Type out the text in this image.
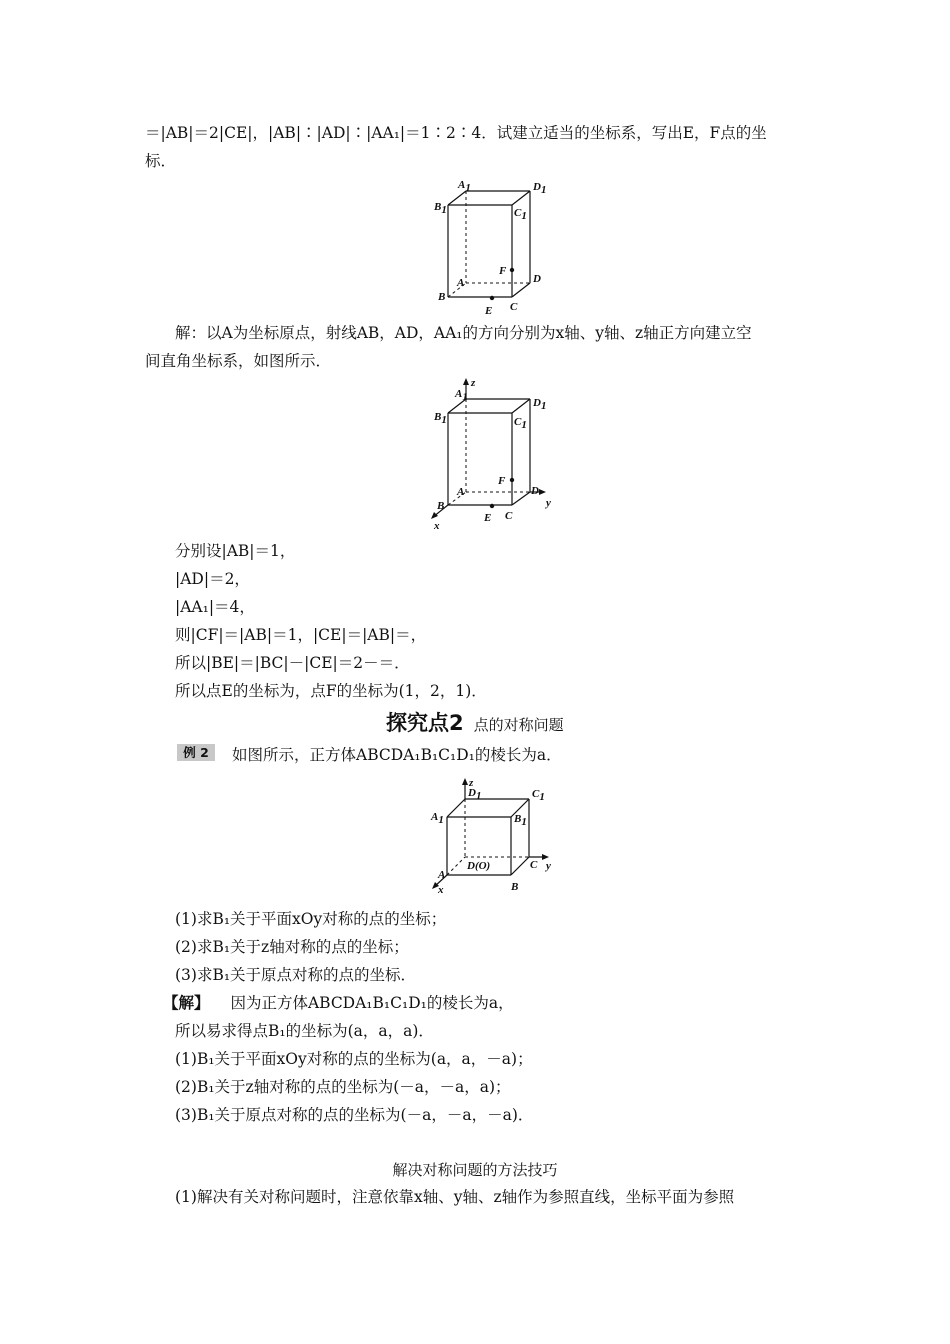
＝|AB|＝2|CE|，|AB|∶|AD|∶|AA₁|＝1∶2∶4．试建立适当的坐标系，写出E，F点的坐
标．
A1	D1
B1	C1
F
D
A
B
C
E
解：以A为坐标原点，射线AB，AD，AA₁的方向分别为x轴、y轴、z轴正方向建立空
间直角坐标系，如图所示．
z
A1	D1
B1	C1
F
A	D
y
B
C
E
x
分别设|AB|＝1，
|AD|＝2，
|AA₁|＝4，
则|CF|＝|AB|＝1，|CE|＝|AB|＝，
所以|BE|＝|BC|－|CE|＝2－＝．
所以点E的坐标为，点F的坐标为(1，2，1)．
探究点2 点的对称问题
例 2	如图所示，正方体ABCDA₁B₁C₁D₁的棱长为a．
z
D1	C1
A1	B1
D(O)	C y
A
B
x
(1)求B₁关于平面xOy对称的点的坐标；
(2)求B₁关于z轴对称的点的坐标；
(3)求B₁关于原点对称的点的坐标．
【解】 因为正方体ABCDA₁B₁C₁D₁的棱长为a，
所以易求得点B₁的坐标为(a，a，a)．
(1)B₁关于平面xOy对称的点的坐标为(a，a，－a)；
(2)B₁关于z轴对称的点的坐标为(－a，－a，a)；
(3)B₁关于原点对称的点的坐标为(－a，－a，－a)．
解决对称问题的方法技巧
(1)解决有关对称问题时，注意依靠x轴、y轴、z轴作为参照直线，坐标平面为参照
